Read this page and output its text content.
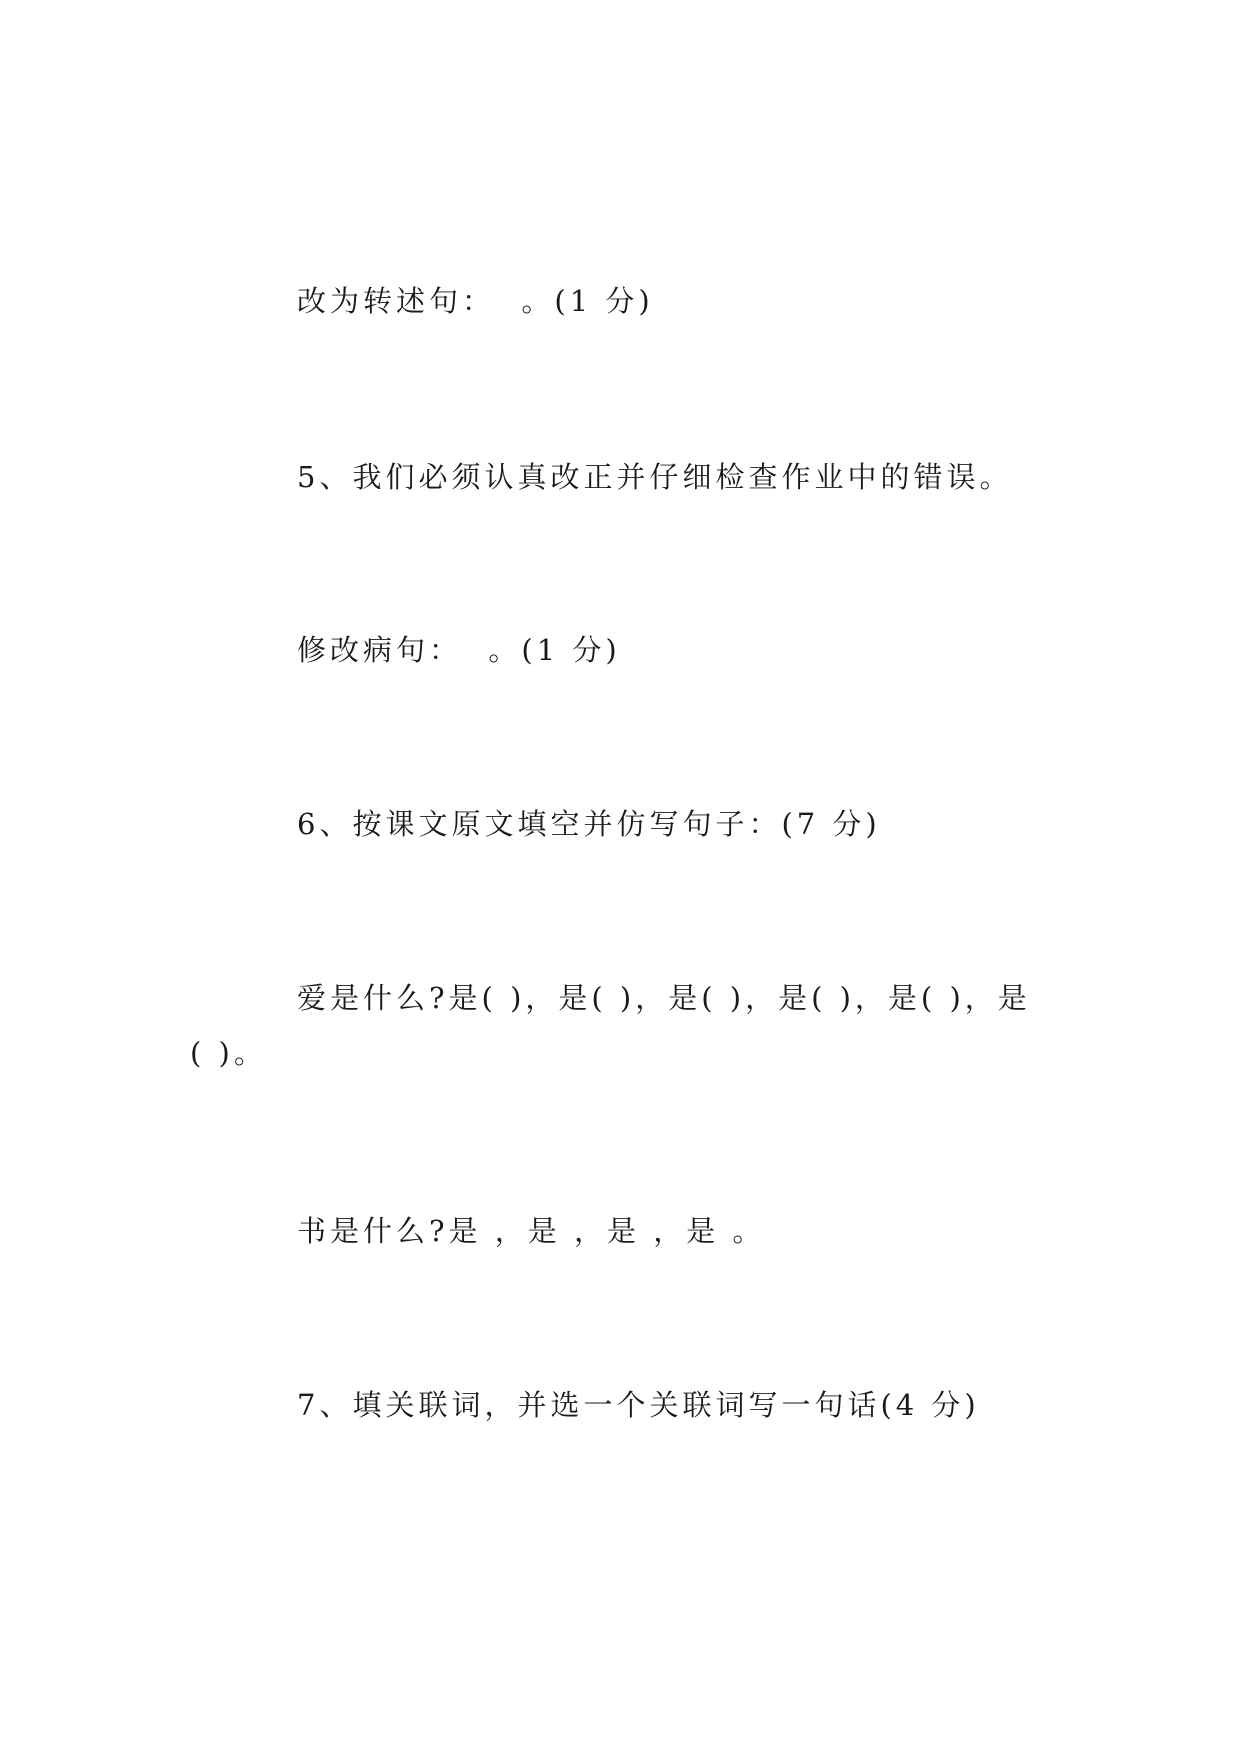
改为转述句：  。(1 分)
5、我们必须认真改正并仔细检查作业中的错误。
修改病句：  。(1 分)
6、按课文原文填空并仿写句子：(7 分)
爱是什么?是( )，是( )，是( )，是( )，是( )，是
( )。
书是什么?是 ，是 ，是 ，是 。
7、填关联词，并选一个关联词写一句话(4 分)
